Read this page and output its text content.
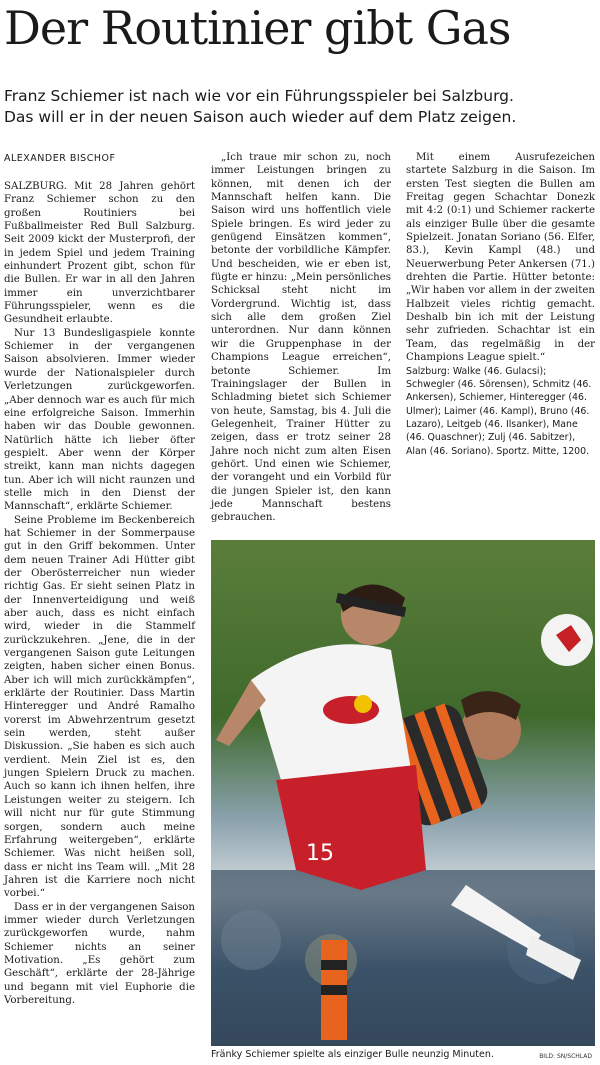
Der Routinier gibt Gas
Franz Schiemer ist nach wie vor ein Führungsspieler bei Salzburg.
Das will er in der neuen Saison auch wieder auf dem Platz zeigen.
ALEXANDER BISCHOF

SALZBURG. Mit 28 Jahren gehört Franz Schiemer schon zu den großen Routiniers bei Fußballmeister Red Bull Salzburg. Seit 2009 kickt der Musterprofi, der in jedem Spiel und jedem Training einhundert Prozent gibt, schon für die Bullen. Er war in all den Jahren immer ein unverzichtbarer Führungsspieler, wenn es die Gesundheit erlaubte.

Nur 13 Bundesligaspiele konnte Schiemer in der vergangenen Saison absolvieren. Immer wieder wurde der Nationalspieler durch Verletzungen zurückgeworfen. „Aber dennoch war es auch für mich eine erfolgreiche Saison. Immerhin haben wir das Double gewonnen. Natürlich hätte ich lieber öfter gespielt. Aber wenn der Körper streikt, kann man nichts dagegen tun. Aber ich will nicht raunzen und stelle mich in den Dienst der Mannschaft“, erklärte Schiemer.

Seine Probleme im Beckenbereich hat Schiemer in der Sommerpause gut in den Griff bekommen. Unter dem neuen Trainer Adi Hütter gibt der Oberösterreicher nun wieder richtig Gas. Er sieht seinen Platz in der Innenverteidigung und weiß aber auch, dass es nicht einfach wird, wieder in die Stammelf zurückzukehren. „Jene, die in der vergangenen Saison gute Leitungen zeigten, haben sicher einen Bonus. Aber ich will mich zurückkämpfen“, erklärte der Routinier. Dass Martin Hinteregger und André Ramalho vorerst im Abwehrzentrum gesetzt sein werden, steht außer Diskussion. „Sie haben es sich auch verdient. Mein Ziel ist es, den jungen Spielern Druck zu machen. Auch so kann ich ihnen helfen, ihre Leistungen weiter zu steigern. Ich will nicht nur für gute Stimmung sorgen, sondern auch meine Erfahrung weitergeben“, erklärte Schiemer. Was nicht heißen soll, dass er nicht ins Team will. „Mit 28 Jahren ist die Karriere noch nicht vorbei.“

Dass er in der vergangenen Saison immer wieder durch Verletzungen zurückgeworfen wurde, nahm Schiemer nichts an seiner Motivation. „Es gehört zum Geschäft“, erklärte der 28-Jährige und begann mit viel Euphorie die Vorbereitung.

„Ich traue mir schon zu, noch immer Leistungen bringen zu können, mit denen ich der Mannschaft helfen kann. Die Saison wird uns hoffentlich viele Spiele bringen. Es wird jeder zu genügend Einsätzen kommen“, betonte der vorbildliche Kämpfer. Und bescheiden, wie er eben ist, fügte er hinzu: „Mein persönliches Schicksal steht nicht im Vordergrund. Wichtig ist, dass sich alle dem großen Ziel unterordnen. Nur dann können wir die Gruppenphase in der Champions League erreichen“, betonte Schiemer. Im Trainingslager der Bullen in Schladming bietet sich Schiemer von heute, Samstag, bis 4. Juli die Gelegenheit, Trainer Hütter zu zeigen, dass er trotz seiner 28 Jahre noch nicht zum alten Eisen gehört. Und einen wie Schiemer, der vorangeht und ein Vorbild für die jungen Spieler ist, den kann jede Mannschaft bestens gebrauchen.

Mit einem Ausrufezeichen startete Salzburg in die Saison. Im ersten Test siegten die Bullen am Freitag gegen Schachtar Donezk mit 4:2 (0:1) und Schiemer rackerte als einziger Bulle über die gesamte Spielzeit. Jonatan Soriano (56. Elfer, 83.), Kevin Kampl (48.) und Neuerwerbung Peter Ankersen (71.) drehten die Partie. Hütter betonte: „Wir haben vor allem in der zweiten Halbzeit vieles richtig gemacht. Deshalb bin ich mit der Leistung sehr zufrieden. Schachtar ist ein Team, das regelmäßig in der Champions League spielt.“

Salzburg: Walke (46. Gulacsi); Schwegler (46. Sörensen), Schmitz (46. Ankersen), Schiemer, Hinteregger (46. Ulmer); Laimer (46. Kampl), Bruno (46. Lazaro), Leitgeb (46. Ilsanker), Mane (46. Quaschner); Zulj (46. Sabitzer), Alan (46. Soriano). Sportz. Mitte, 1200.
15
Fränky Schiemer spielte als einziger Bulle neunzig Minuten.	BILD: SN/SCHLAD
